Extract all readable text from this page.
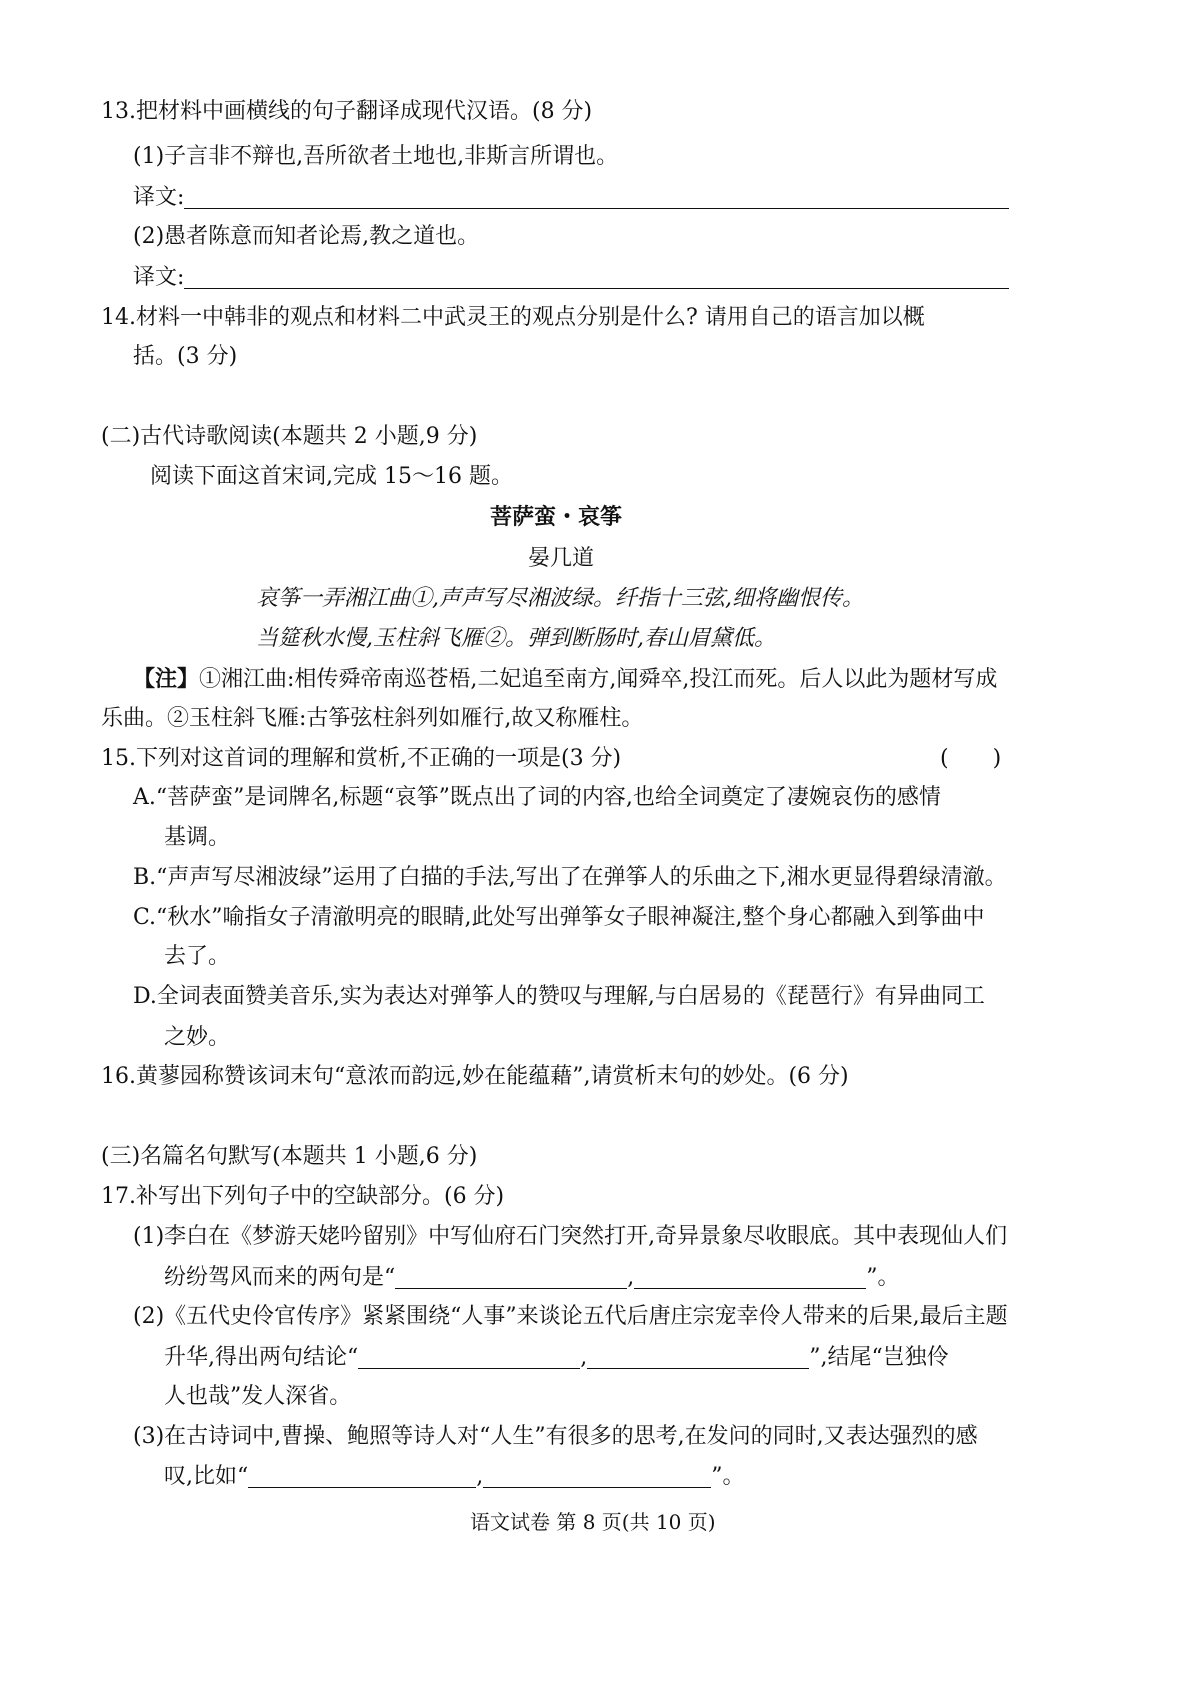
13.把材料中画横线的句子翻译成现代汉语。(8 分)
(1)子言非不辩也,吾所欲者土地也,非斯言所谓也。
译文:
(2)愚者陈意而知者论焉,教之道也。
译文:
14.材料一中韩非的观点和材料二中武灵王的观点分别是什么? 请用自己的语言加以概
括。(3 分)
(二)古代诗歌阅读(本题共 2 小题,9 分)
阅读下面这首宋词,完成 15～16 题。
菩萨蛮・哀筝
晏几道
哀筝一弄湘江曲①,声声写尽湘波绿。纤指十三弦,细将幽恨传。
当筵秋水慢,玉柱斜飞雁②。弹到断肠时,春山眉黛低。
【注】①湘江曲:相传舜帝南巡苍梧,二妃追至南方,闻舜卒,投江而死。后人以此为题材写成
乐曲。②玉柱斜飞雁:古筝弦柱斜列如雁行,故又称雁柱。
15.下列对这首词的理解和赏析,不正确的一项是(3 分)	(　　)
A.“菩萨蛮”是词牌名,标题“哀筝”既点出了词的内容,也给全词奠定了凄婉哀伤的感情
基调。
B.“声声写尽湘波绿”运用了白描的手法,写出了在弹筝人的乐曲之下,湘水更显得碧绿清澈。
C.“秋水”喻指女子清澈明亮的眼睛,此处写出弹筝女子眼神凝注,整个身心都融入到筝曲中
去了。
D.全词表面赞美音乐,实为表达对弹筝人的赞叹与理解,与白居易的《琵琶行》有异曲同工
之妙。
16.黄蓼园称赞该词末句“意浓而韵远,妙在能蕴藉”,请赏析末句的妙处。(6 分)
(三)名篇名句默写(本题共 1 小题,6 分)
17.补写出下列句子中的空缺部分。(6 分)
(1)李白在《梦游天姥吟留别》中写仙府石门突然打开,奇异景象尽收眼底。其中表现仙人们
纷纷驾风而来的两句是“	,	”。
(2)《五代史伶官传序》紧紧围绕“人事”来谈论五代后唐庄宗宠幸伶人带来的后果,最后主题
升华,得出两句结论“	,	”,结尾“岂独伶
人也哉”发人深省。
(3)在古诗词中,曹操、鲍照等诗人对“人生”有很多的思考,在发问的同时,又表达强烈的感
叹,比如“	,	”。
语文试卷 第 8 页(共 10 页)
